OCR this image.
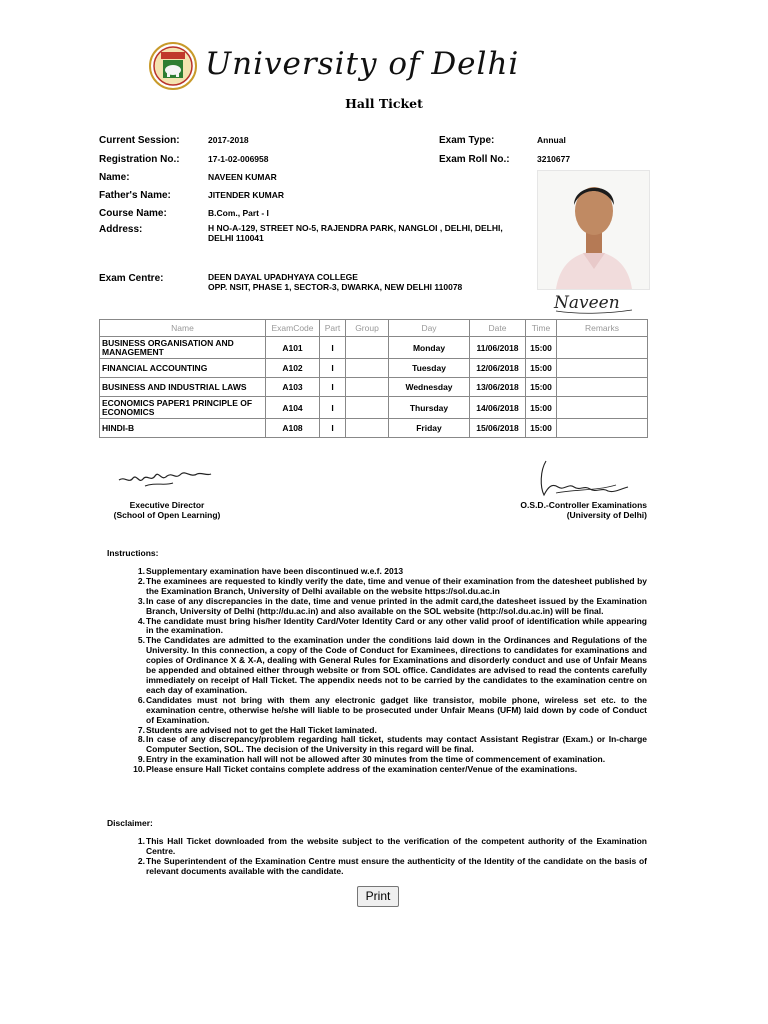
University of Delhi
Hall Ticket
Current Session:	2017-2018
Registration No.:	17-1-02-006958
Name:	NAVEEN KUMAR
Father's Name:	JITENDER KUMAR
Course Name:	B.Com., Part - I
Address:	H NO-A-129, STREET NO-5, RAJENDRA PARK, NANGLOI , DELHI, DELHI,
DELHI 110041
Exam Centre:	DEEN DAYAL UPADHYAYA COLLEGE
OPP. NSIT, PHASE 1, SECTOR-3, DWARKA, NEW DELHI 110078
Exam Type:	Annual
Exam Roll No.:	3210677
Naveen
Name	ExamCode	Part	Group	Day	Date	Time	Remarks
BUSINESS ORGANISATION AND MANAGEMENT	A101	I		Monday	11/06/2018	15:00	
FINANCIAL ACCOUNTING	A102	I		Tuesday	12/06/2018	15:00	
BUSINESS AND INDUSTRIAL LAWS	A103	I		Wednesday	13/06/2018	15:00	
ECONOMICS PAPER1 PRINCIPLE OF ECONOMICS	A104	I		Thursday	14/06/2018	15:00	
HINDI-B	A108	I		Friday	15/06/2018	15:00	
Executive Director
(School of Open Learning)
O.S.D.-Controller Examinations
(University of Delhi)
Instructions:
1. Supplementary examination have been discontinued w.e.f. 2013
2. The examinees are requested to kindly verify the date, time and venue of their examination from the datesheet published by the Examination Branch, University of Delhi available on the website https://sol.du.ac.in
3. In case of any discrepancies in the date, time and venue printed in the admit card,the datesheet issued by the Examination Branch, University of Delhi (http://du.ac.in) and also available on the SOL website (http://sol.du.ac.in) will be final.
4. The candidate must bring his/her Identity Card/Voter Identity Card or any other valid proof of identification while appearing in the examination.
5. The Candidates are admitted to the examination under the conditions laid down in the Ordinances and Regulations of the University. In this connection, a copy of the Code of Conduct for Examinees, directions to candidates for examinations and copies of Ordinance X & X-A, dealing with General Rules for Examinations and disorderly conduct and use of Unfair Means be appended and obtained either through website or from SOL office. Candidates are advised to read the contents carefully immediately on receipt of Hall Ticket. The appendix needs not to be carried by the candidates to the examination centre on each day of examination.
6. Candidates must not bring with them any electronic gadget like transistor, mobile phone, wireless set etc. to the examination centre, otherwise he/she will liable to be prosecuted under Unfair Means (UFM) laid down by code of Conduct of Examination.
7. Students are advised not to get the Hall Ticket laminated.
8. In case of any discrepancy/problem regarding hall ticket, students may contact Assistant Registrar (Exam.) or In-charge Computer Section, SOL. The decision of the University in this regard will be final.
9. Entry in the examination hall will not be allowed after 30 minutes from the time of commencement of examination.
10. Please ensure Hall Ticket contains complete address of the examination center/Venue of the examinations.
Disclaimer:
1. This Hall Ticket downloaded from the website subject to the verification of the competent authority of the Examination Centre.
2. The Superintendent of the Examination Centre must ensure the authenticity of the Identity of the candidate on the basis of relevant documents available with the candidate.
Print
